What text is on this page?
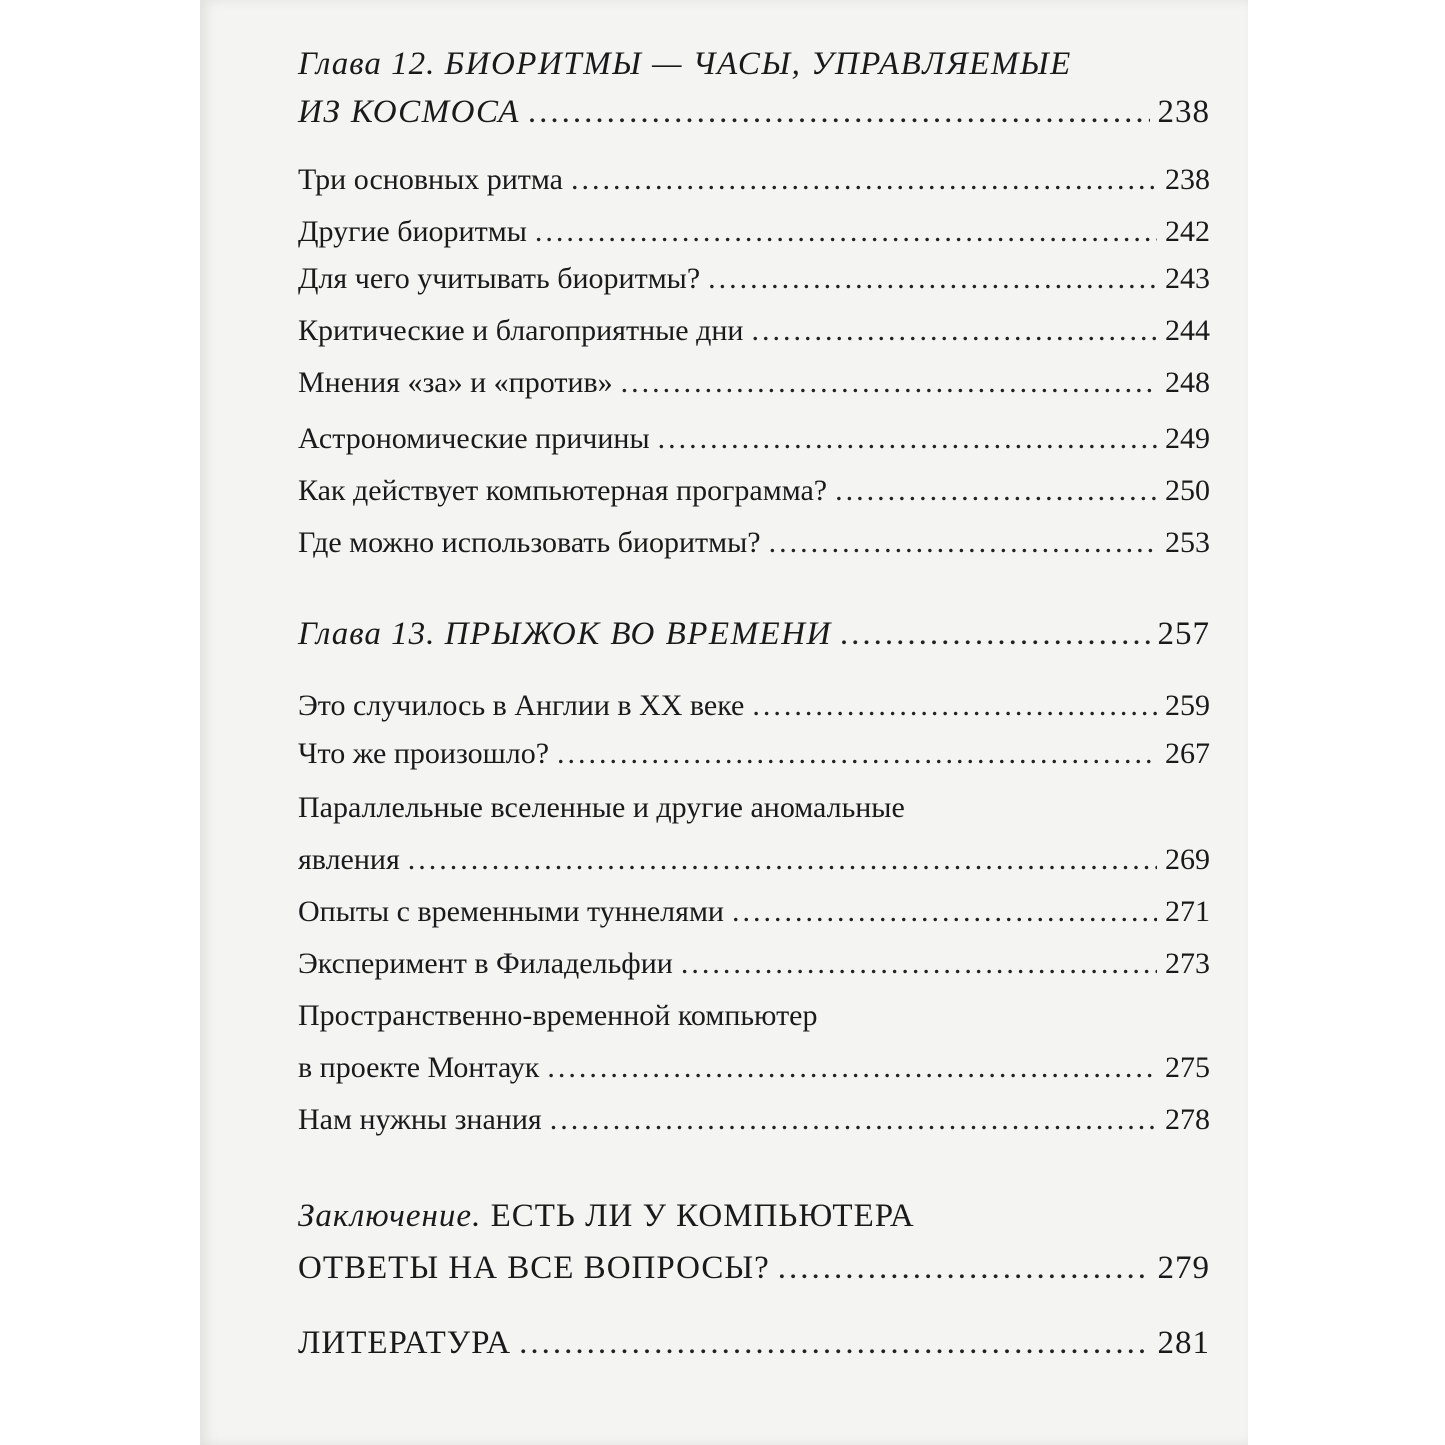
Глава 12. БИОРИТМЫ — ЧАСЫ, УПРАВЛЯЕМЫЕ
ИЗ КОСМОСА .....	238
Три основных ритма .....	238
Другие биоритмы .....	242
Для чего учитывать биоритмы? .....	243
Критические и благоприятные дни .....	244
Мнения «за» и «против» .....	248
Астрономические причины .....	249
Как действует компьютерная программа? .....	250
Где можно использовать биоритмы? .....	253
Глава 13. ПРЫЖОК ВО ВРЕМЕНИ .....	257
Это случилось в Англии в XX веке .....	259
Что же произошло? .....	267
Параллельные вселенные и другие аномальные
явления .....	269
Опыты с временными туннелями .....	271
Эксперимент в Филадельфии .....	273
Пространственно-временной компьютер
в проекте Монтаук .....	275
Нам нужны знания .....	278
Заключение. ЕСТЬ ЛИ У КОМПЬЮТЕРА
ОТВЕТЫ НА ВСЕ ВОПРОСЫ? .....	279
ЛИТЕРАТУРА .....	281
